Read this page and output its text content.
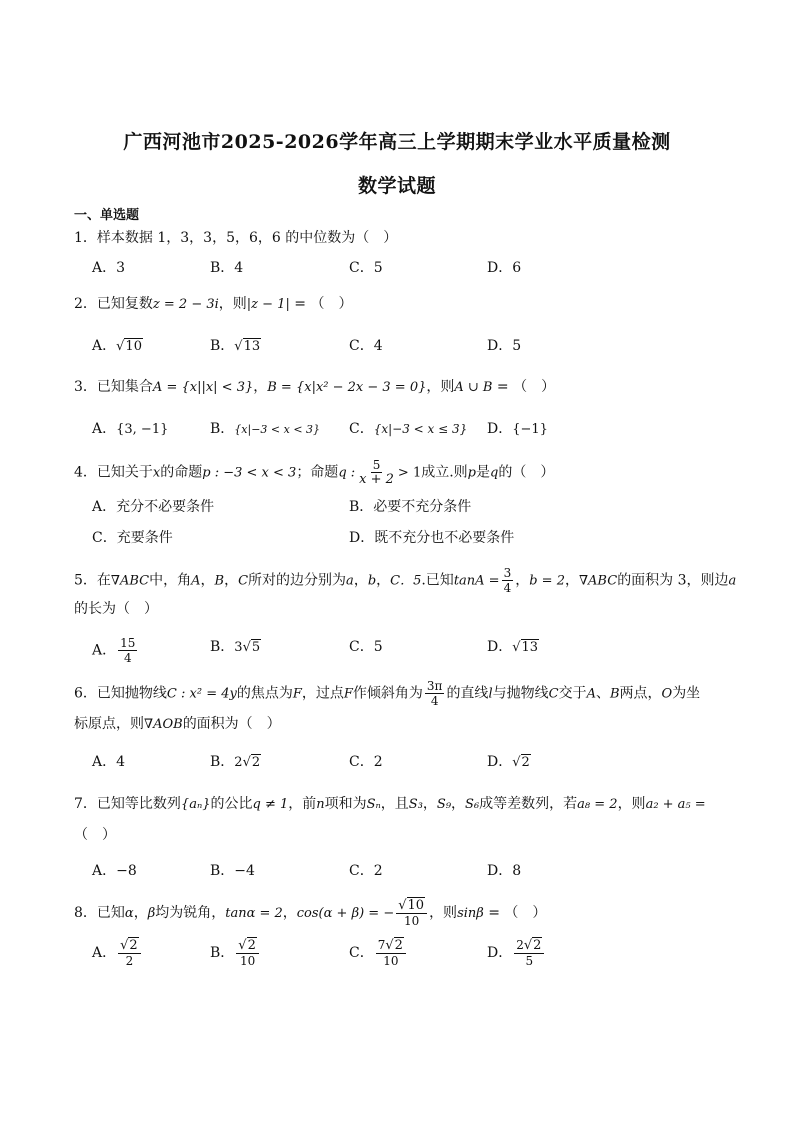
广西河池市2025-2026学年高三上学期期末学业水平质量检测
数学试题
一、单选题
1．样本数据 1，3，3，5，6，6 的中位数为（　）
A．3	B．4	C．5	D．6
2．已知复数z = 2 − 3i，则|z − 1| = （　）
A．√10	B．√13	C．4	D．5
3．已知集合A = {x||x| < 3}，B = {x|x² − 2x − 3 = 0}，则A ∪ B = （　）
A．{3, −1}	B．{x|−3 < x < 3} C．{x|−3 < x ≤ 3} D．{−1}
4．已知关于x的命题p : −3 < x < 3；命题q : $\frac{5}{x + 2} > 1$成立.则p是q的（　）
A．充分不必要条件	B．必要不充分条件
C．充要条件	D．既不充分也不必要条件
5．在∇ABC中，角A，B，C所对的边分别为a，b，C．5.已知$\tan A = \frac{3}{4}$ ，b = 2，∇ABC的面积为 3，则边a
的长为（　）
A． $\frac{15}{4}$	B．3√5	C．5	D．√13
6．已知抛物线C : x² = 4y的焦点为F，过点F作倾斜角为 $\frac{3\pi}{4}$ 的直线l与抛物线C交于A、B两点，O为坐
标原点，则∇AOB的面积为（　）
A．4	B．2√2	C．2	D．√2
7．已知等比数列{aₙ}的公比q ≠ 1，前n项和为Sₙ，且S₃，S₉，S₆成等差数列，若a₈ = 2，则a₂ + a₅ =
（　）
A．−8	B．−4	C．2	D．8
8．已知α，β均为锐角，tanα = 2，cos(α + β) = − $\frac{√10}{10}$ ，则sinβ = （　）
A． $\frac{√2}{2}$	B． $\frac{√2}{10}$	C． $\frac{7√2}{10}$	D． $\frac{2√2}{5}$
